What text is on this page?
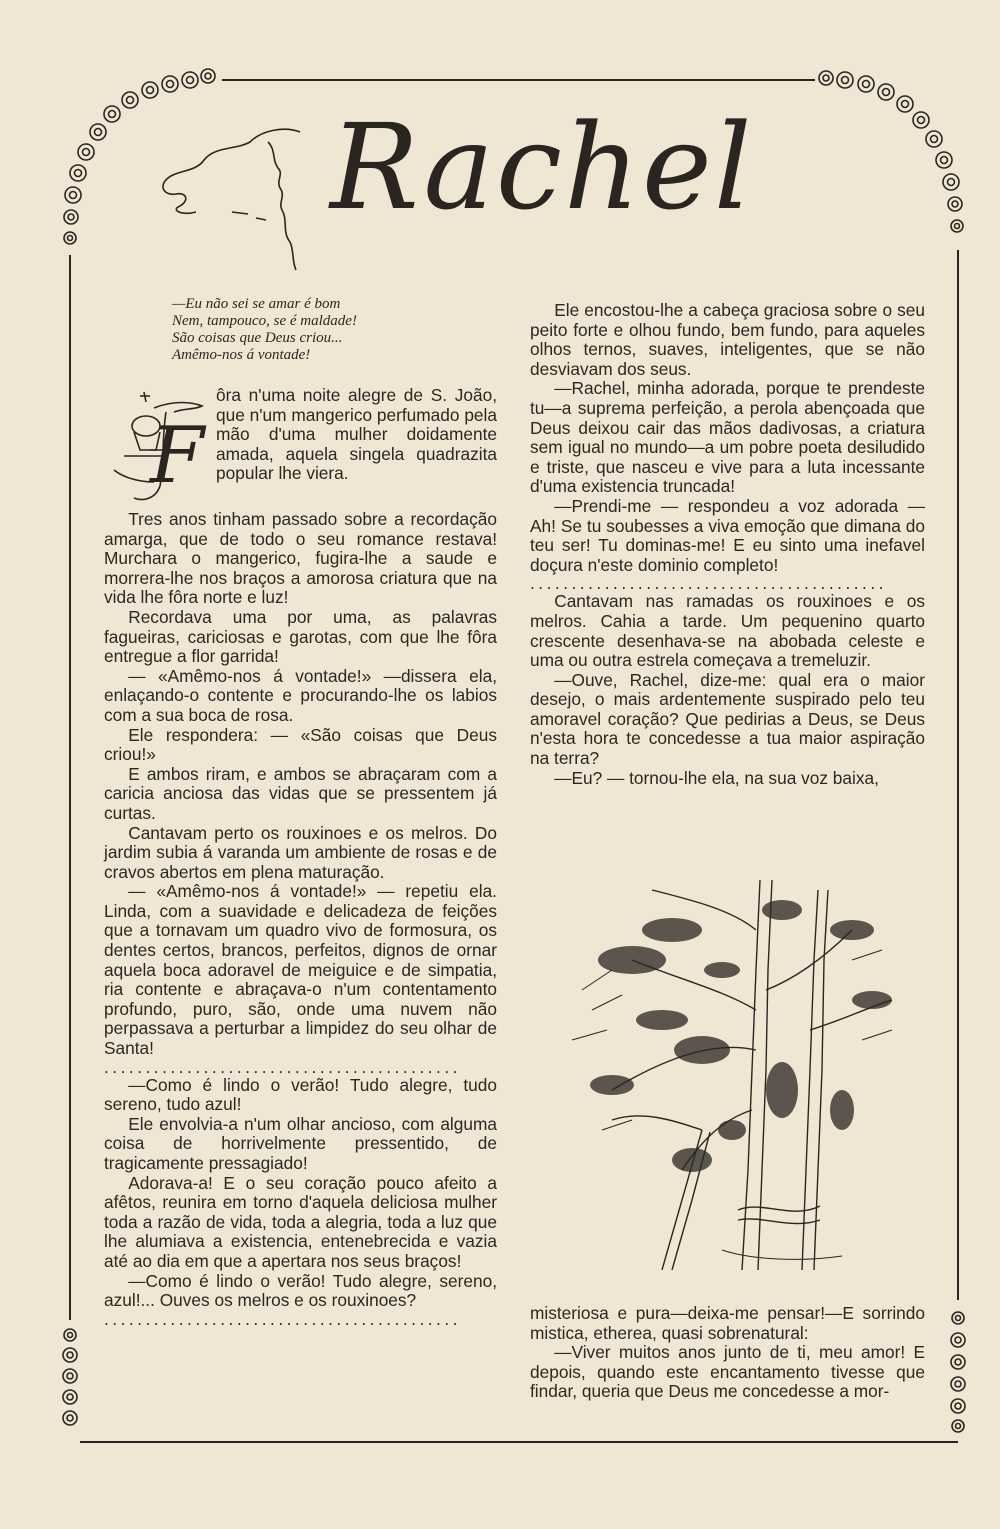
Rachel
—Eu não sei se amar é bom
Nem, tampouco, se é maldade!
São coisas que Deus criou...
Amêmo-nos á vontade!
F

ôra n'uma noite alegre de S. João, que n'um mangerico perfumado pela mão d'uma mulher doidamente amada, aquela singela quadrazita popular lhe viera.

Tres anos tinham passado sobre a recordação amarga, que de todo o seu romance restava! Murchara o mangerico, fugira-lhe a saude e morrera-lhe nos braços a amorosa criatura que na vida lhe fôra norte e luz!

Recordava uma por uma, as palavras fagueiras, cariciosas e garotas, com que lhe fôra entregue a flor garrida!

— «Amêmo-nos á vontade!» —dissera ela, enlaçando-o contente e procurando-lhe os labios com a sua boca de rosa.

Ele respondera: — «São coisas que Deus criou!»

E ambos riram, e ambos se abraçaram com a caricia anciosa das vidas que se pressentem já curtas.

Cantavam perto os rouxinoes e os melros. Do jardim subia á varanda um ambiente de rosas e de cravos abertos em plena maturação.

— «Amêmo-nos á vontade!» — repetiu ela. Linda, com a suavidade e delicadeza de feições que a tornavam um quadro vivo de formosura, os dentes certos, brancos, perfeitos, dignos de ornar aquela boca adoravel de meiguice e de simpatia, ria contente e abraçava-o n'um contentamento profundo, puro, são, onde uma nuvem não perpassava a perturbar a limpidez do seu olhar de Santa!

...........................................

—Como é lindo o verão! Tudo alegre, tudo sereno, tudo azul!

Ele envolvia-a n'um olhar ancioso, com alguma coisa de horrivelmente pressentido, de tragicamente pressagiado!

Adorava-a! E o seu coração pouco afeito a afêtos, reunira em torno d'aquela deliciosa mulher toda a razão de vida, toda a alegria, toda a luz que lhe alumiava a existencia, entenebrecida e vazia até ao dia em que a apertara nos seus braços!

—Como é lindo o verão! Tudo alegre, sereno, azul!... Ouves os melros e os rouxinoes?

...........................................

Ele encostou-lhe a cabeça graciosa sobre o seu peito forte e olhou fundo, bem fundo, para aqueles olhos ternos, suaves, inteligentes, que se não desviavam dos seus.

—Rachel, minha adorada, porque te prendeste tu—a suprema perfeição, a perola abençoada que Deus deixou cair das mãos dadivosas, a criatura sem igual no mundo—a um pobre poeta desiludido e triste, que nasceu e vive para a luta incessante d'uma existencia truncada!

—Prendi-me — respondeu a voz adorada — Ah! Se tu soubesses a viva emoção que dimana do teu ser! Tu dominas-me! E eu sinto uma inefavel doçura n'este dominio completo!

...........................................

Cantavam nas ramadas os rouxinoes e os melros. Cahia a tarde. Um pequenino quarto crescente desenhava-se na abobada celeste e uma ou outra estrela começava a tremeluzir.

—Ouve, Rachel, dize-me: qual era o maior desejo, o mais ardentemente suspirado pelo teu amoravel coração? Que pedirias a Deus, se Deus n'esta hora te concedesse a tua maior aspiração na terra?

—Eu? — tornou-lhe ela, na sua voz baixa,

misteriosa e pura—deixa-me pensar!—E sorrindo mistica, etherea, quasi sobrenatural:

—Viver muitos anos junto de ti, meu amor! E depois, quando este encantamento tivesse que findar, queria que Deus me concedesse a mor-
